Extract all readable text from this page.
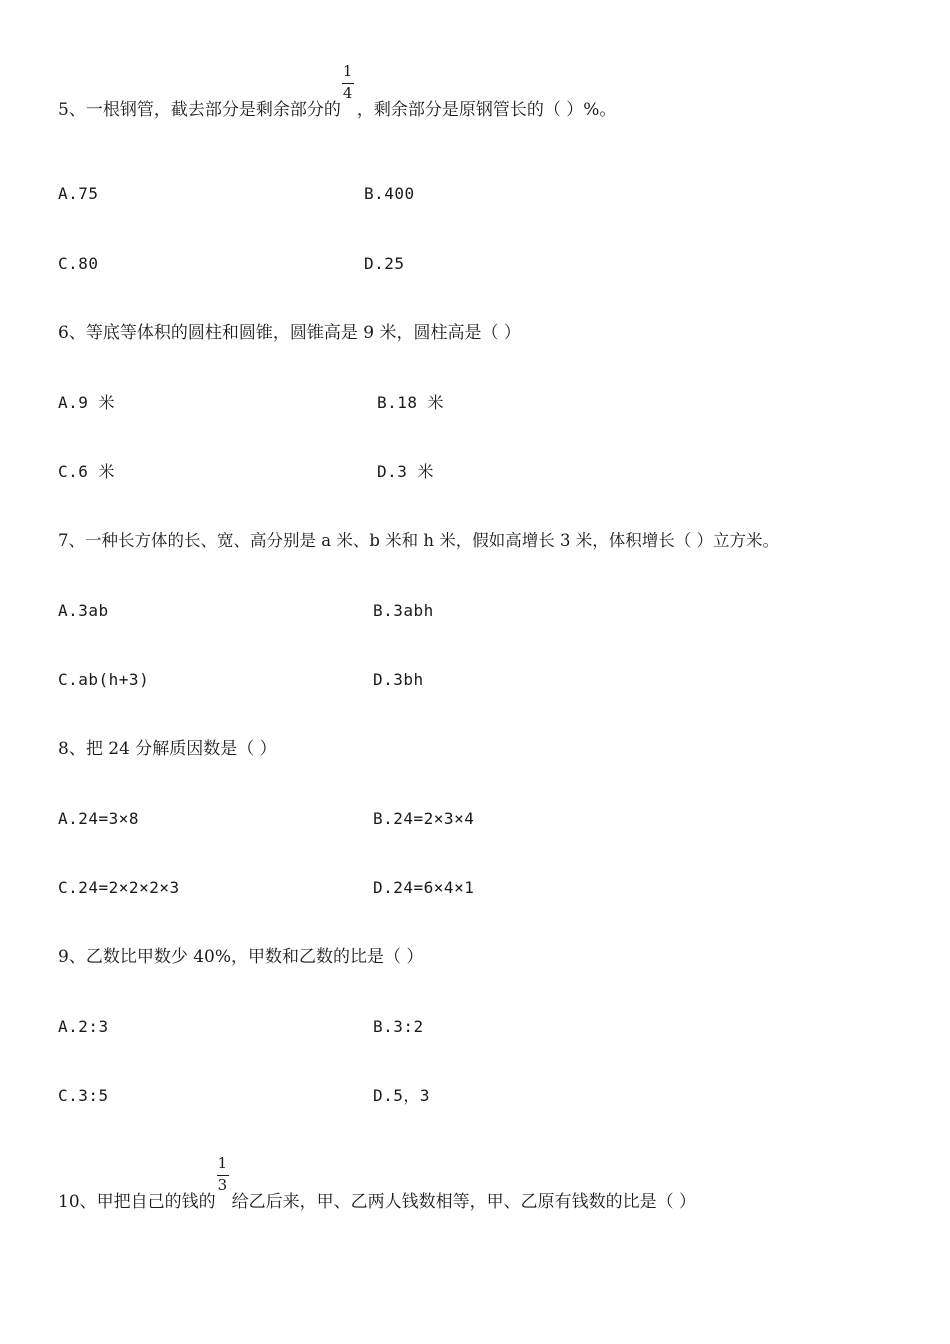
5、一根钢管，截去部分是剩余部分的 $\frac{1}{4}$ ，剩余部分是原钢管长的（ ）%。
A.75	B.400
C.80	D.25
6、等底等体积的圆柱和圆锥，圆锥高是 9 米，圆柱高是（ ）
A.9 米	B.18 米
C.6 米	D.3 米
7、一种长方体的长、宽、高分别是 a 米、b 米和 h 米，假如高增长 3 米，体积增长（ ）立方米。
A.3ab	B.3abh
C.ab(h+3)	D.3bh
8、把 24 分解质因数是（ ）
A.24=3×8	B.24=2×3×4
C.24=2×2×2×3	D.24=6×4×1
9、乙数比甲数少 40%，甲数和乙数的比是（ ）
A.2:3	B.3:2
C.3:5	D.5，3
10、甲把自己的钱的 $\frac{1}{3}$ 给乙后来，甲、乙两人钱数相等，甲、乙原有钱数的比是（ ）
